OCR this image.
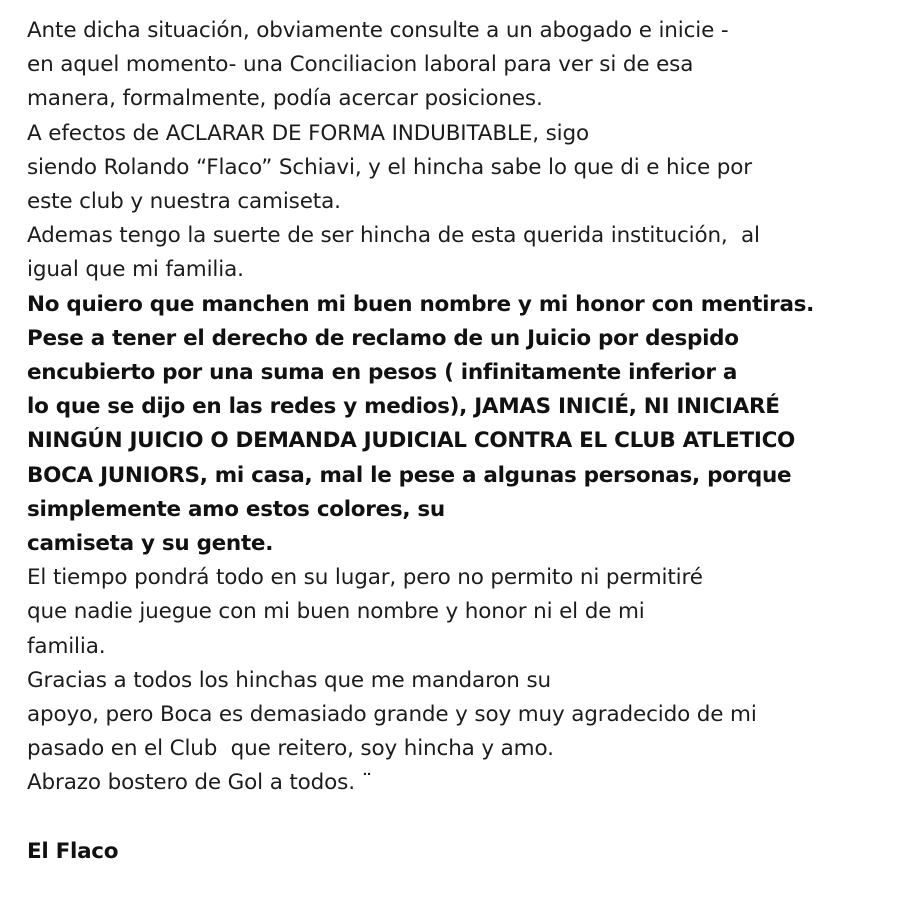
Ante dicha situación, obviamente consulte a un abogado e inicie -
en aquel momento- una Conciliacion laboral para ver si de esa
manera, formalmente, podía acercar posiciones.
A efectos de ACLARAR DE FORMA INDUBITABLE, sigo
siendo Rolando “Flaco” Schiavi, y el hincha sabe lo que di e hice por
este club y nuestra camiseta.
Ademas tengo la suerte de ser hincha de esta querida institución,  al
igual que mi familia.
No quiero que manchen mi buen nombre y mi honor con mentiras.
Pese a tener el derecho de reclamo de un Juicio por despido
encubierto por una suma en pesos ( infinitamente inferior a
lo que se dijo en las redes y medios), JAMAS INICIÉ, NI INICIARÉ
NINGÚN JUICIO O DEMANDA JUDICIAL CONTRA EL CLUB ATLETICO
BOCA JUNIORS, mi casa, mal le pese a algunas personas, porque
simplemente amo estos colores, su
camiseta y su gente.
El tiempo pondrá todo en su lugar, pero no permito ni permitiré
que nadie juegue con mi buen nombre y honor ni el de mi
familia.
Gracias a todos los hinchas que me mandaron su
apoyo, pero Boca es demasiado grande y soy muy agradecido de mi
pasado en el Club  que reitero, soy hincha y amo.
Abrazo bostero de Gol a todos. ¨
El Flaco
